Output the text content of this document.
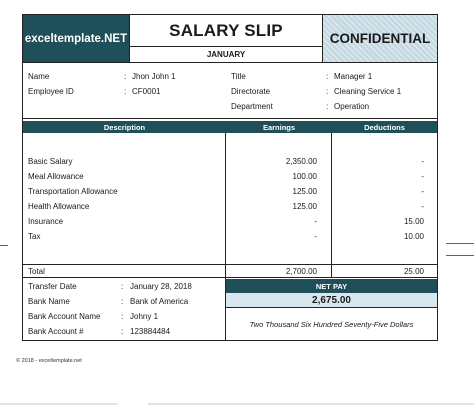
exceltemplate.NET	SALARY SLIP
JANUARY
CONFIDENTIAL
Name	: Jhon John 1
Employee ID	: CF0001
Title	: Manager 1
Directorate	: Cleaning Service 1
Department	: Operation
Description	Earnings	Deductions
Basic Salary	2,350.00	-
Meal Allowance	100.00	-
Transportation Allowance	125.00	-
Health Allowance	125.00	-
Insurance	-	15.00
Tax	-	10.00
Total	2,700.00	25.00
Transfer Date	: January 28, 2018
Bank Name	: Bank of America
Bank Account Name	: Johny 1
Bank Account #	: 123884484
NET PAY
2,675.00
Two Thousand Six Hundred Seventy-Five Dollars
© 2018 - exceltemplate.net
